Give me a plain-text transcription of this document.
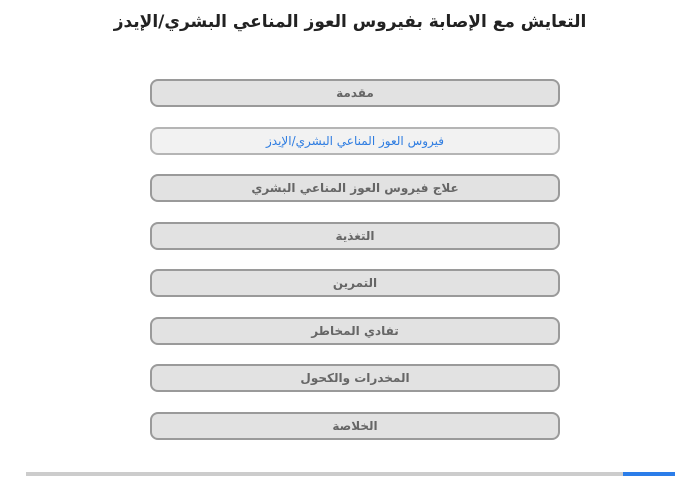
التعايش مع الإصابة بفيروس العوز المناعي البشري/الإيدز
مقدمة
فيروس العوز المناعي البشري/الإيدز
علاج فيروس العوز المناعي البشري
التغذية
التمرين
تفادي المخاطر
المخدرات والكحول
الخلاصة
